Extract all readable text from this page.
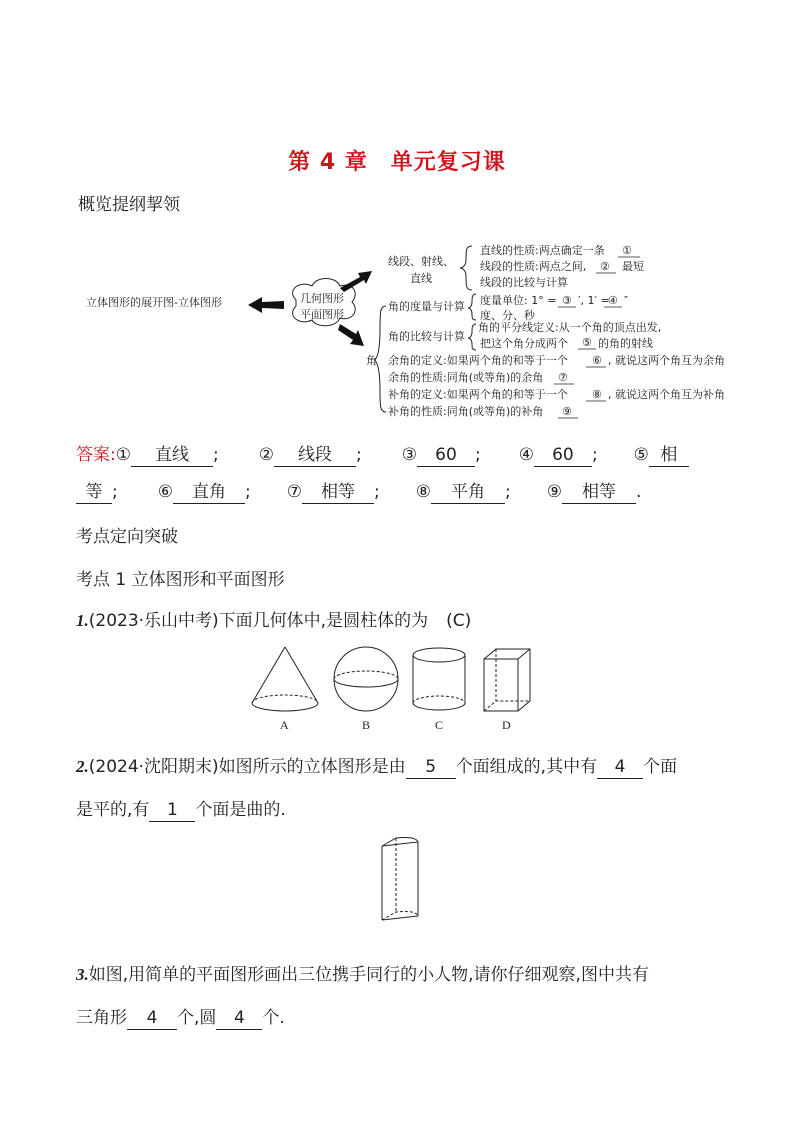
第 4 章　单元复习课
概览提纲挈领
立体图形的展开图-立体图形	几何图形
平面图形
线段、射线、
直线
直线的性质:两点确定一条 ①
线段的性质:两点之间, ② 最短
线段的比较与计算
角
角的度量与计算 度量单位: 1° = ③ ′, 1′ =
④ ″
度、分、秒
角的比较与计算
角的平分线定义:从一个角的顶点出发,
把这个角分成两个 ⑤ 的角的射线
余角的定义:如果两个角的和等于一个 ⑥ , 就说这两个角互为余角
余角的性质:同角(或等角)的余角 ⑦
补角的定义:如果两个角的和等于一个 ⑧ , 就说这两个角互为补角
补角的性质:同角(或等角)的补角 ⑨
答案:① 直线 ; ② 线段 ; ③ 60 ; ④ 60 ; ⑤ 相
等 ; ⑥ 直角 ; ⑦ 相等 ; ⑧ 平角 ; ⑨ 相等 .
考点定向突破
考点 1 立体图形和平面图形
1.(2023·乐山中考)下面几何体中,是圆柱体的为 (C)
A	B	C	D
2.(2024·沈阳期末)如图所示的立体图形是由 5 个面组成的,其中有 4 个面
是平的,有 1 个面是曲的.
3.如图,用简单的平面图形画出三位携手同行的小人物,请你仔细观察,图中共有
三角形 4 个,圆 4 个.
